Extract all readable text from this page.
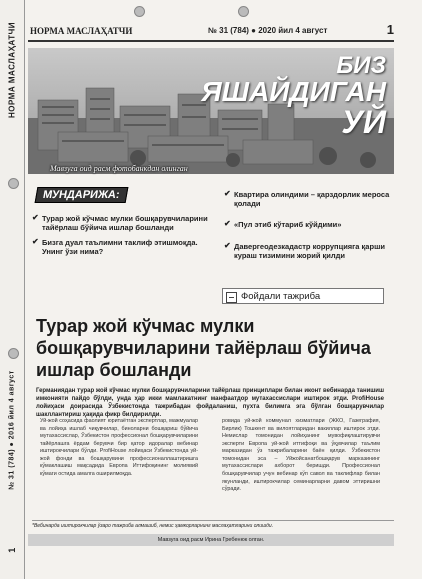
НОРМА МАСЛАҲАТЧИ
№ 31 (784) ● 2016 йил 4 август
1
НОРМА МАСЛАҲАТЧИ	№ 31 (784) ● 2020 йил 4 август	1
БИЗ
ЯШАЙДИГАН
УЙ
Мавзуга оид расм фотобанкдан олинган
МУНДАРИЖА:
✔ Турар жой кўчмас мулки бошқарувчиларини тайёрлаш бўйича ишлар бошланди
✔ Бизга дуал таълимни таклиф этишмоқда. Унинг ўзи нима?
✔ Квартира олиндими – қарздорлик мероса қолади
✔ «Пул этиб кўтариб кўйдими»
✔ Давергеодезкадастр коррупцияга қарши кураш тизимини жорий қилди
Фойдали тажриба
Турар жой кўчмас мулки бошқарувчиларини тайёрлаш бўйича ишлар бошланди
Германиядан турар жой кўчмас мулки бошқарувчиларини тайёрлаш принциплари билан иконт вебинарда танишиш имконияти пайдо бўлди, унда ҳар икки мамлакатнинг манфаатдор мутахассислари иштирок этди. ProfiHouse лойиҳаси доирасида Ўзбекистонда тажрибадан фойдаланиш, пухта билимга эга бўлган бошқарувчилар шакллантириш ҳақида фикр билдирилди.
Уй-жой соҳасида фаолият юритаётган экспертлар, мажмуалар ва лойиҳа ишлаб чиқувчилар, биноларни бошқариш бўйича мутахассислар, Ўзбекистон профессионал бошқарувчиларини тайёрлашга ёрдам берувчи бир қатор идоралар вебинар иштирокчилари бўлди. ProfiHouse лойиҳаси Ўзбекистонда уй-жой фонди ва бошқарувини профессионаллаштиришга кўмаклашиш мақсадида Европа Иттифоқининг молиявий кўмаги остида амалга оширилмоқда.
ровида уй-жой коммунал хизматлари (ЖКО, Газеграфия, Бирлик) Тошкент ва вилоятларидан вакиллар иштирок этди. Немислар томонидан лойиҳанинг мувофиқлаштирувчи эксперти Европа уй-жой иттифоқи ва ўқувчилар таълим марказидан ўз тажрибаларини баён қилди. Ўзбекистон томонидан эса – Уйжойсанатбошқарув марказининг мутахассислари ахборот беришди. Профессионал бошқарувчилар учун вебинар кўп савол ва таклифлар билан якунланди, иштирокчилар семинарларни давом эттиришни сўради.
*Вебинарда иштирокчилар ўзаро тажриба алмашиб, немис ҳамкорларнинг маслаҳатларини олишди.
Мавзуга оид расм Ирина Гребенюк олган.
